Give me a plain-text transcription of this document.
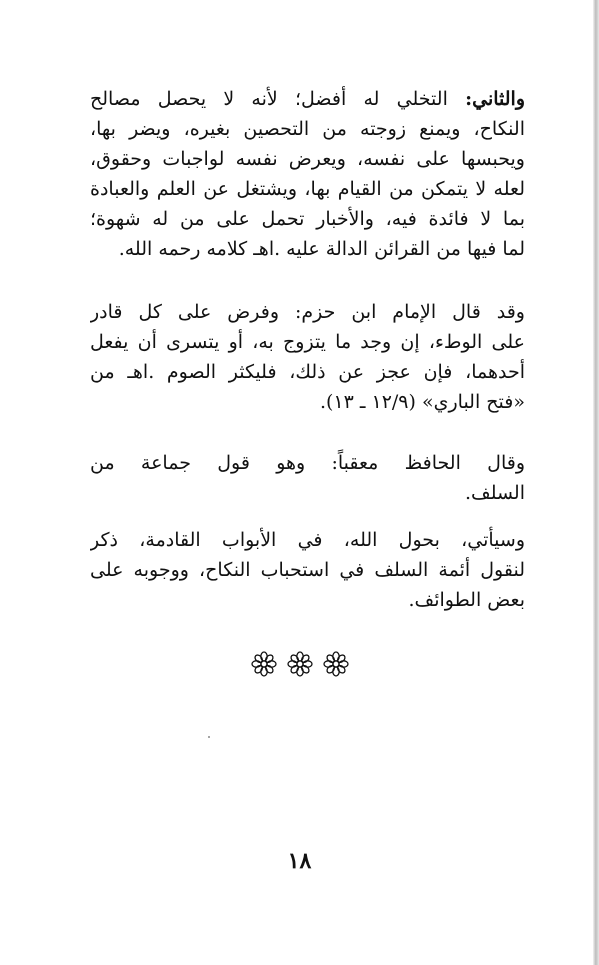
والثاني: التخلي له أفضل؛ لأنه لا يحصل مصالح
النكاح، ويمنع زوجته من التحصين بغيره، ويضر بها،
ويحبسها على نفسه، ويعرض نفسه لواجبات وحقوق،
لعله لا يتمكن من القيام بها، ويشتغل عن العلم والعبادة
بما لا فائدة فيه، والأخبار تحمل على من له شهوة؛
لما فيها من القرائن الدالة عليه .اهـ كلامه رحمه الله.
وقد قال الإمام ابن حزم: وفرض على كل قادر
على الوطء، إن وجد ما يتزوج به، أو يتسرى أن يفعل
أحدهما، فإن عجز عن ذلك، فليكثر الصوم .اهـ من
«فتح الباري» (١٢/٩ ـ ١٣).
وقال الحافظ معقباً: وهو قول جماعة من
السلف.
وسيأتي، بحول الله، في الأبواب القادمة، ذكر
لنقول أئمة السلف في استحباب النكاح، ووجوبه على
بعض الطوائف.
١٨
